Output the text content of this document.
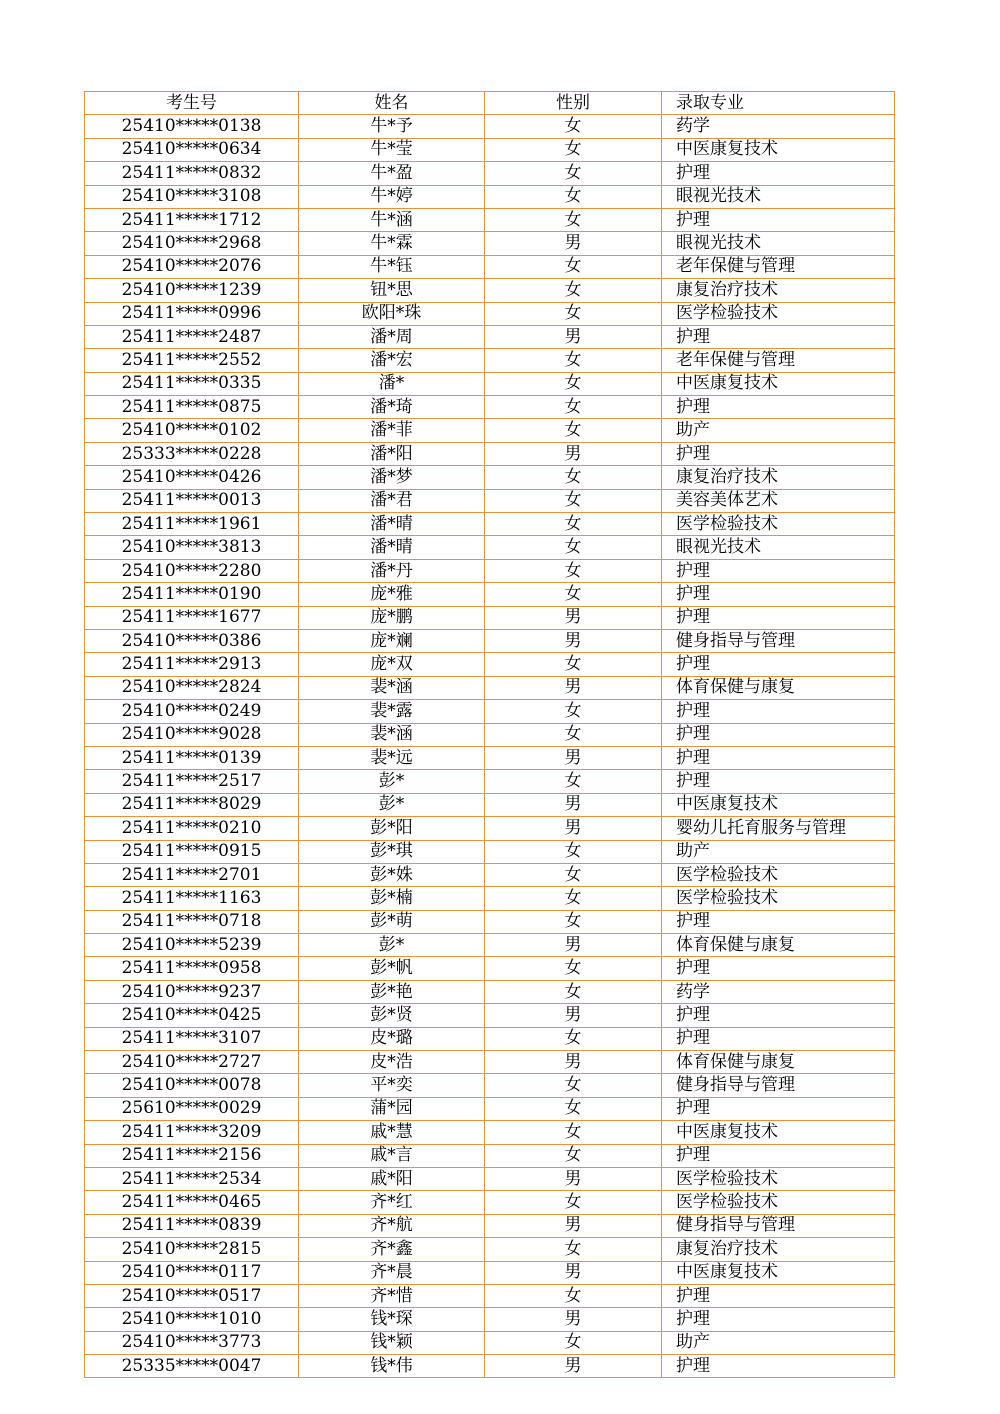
考生号	姓名	性别	录取专业
25410*****0138	牛*予	女	药学
25410*****0634	牛*莹	女	中医康复技术
25411*****0832	牛*盈	女	护理
25410*****3108	牛*婷	女	眼视光技术
25411*****1712	牛*涵	女	护理
25410*****2968	牛*霖	男	眼视光技术
25410*****2076	牛*钰	女	老年保健与管理
25410*****1239	钮*思	女	康复治疗技术
25411*****0996	欧阳*珠	女	医学检验技术
25411*****2487	潘*周	男	护理
25411*****2552	潘*宏	女	老年保健与管理
25411*****0335	潘*	女	中医康复技术
25411*****0875	潘*琦	女	护理
25410*****0102	潘*菲	女	助产
25333*****0228	潘*阳	男	护理
25410*****0426	潘*梦	女	康复治疗技术
25411*****0013	潘*君	女	美容美体艺术
25411*****1961	潘*晴	女	医学检验技术
25410*****3813	潘*晴	女	眼视光技术
25410*****2280	潘*丹	女	护理
25411*****0190	庞*雅	女	护理
25411*****1677	庞*鹏	男	护理
25410*****0386	庞*斓	男	健身指导与管理
25411*****2913	庞*双	女	护理
25410*****2824	裴*涵	男	体育保健与康复
25410*****0249	裴*露	女	护理
25410*****9028	裴*涵	女	护理
25411*****0139	裴*远	男	护理
25411*****2517	彭*	女	护理
25411*****8029	彭*	男	中医康复技术
25411*****0210	彭*阳	男	婴幼儿托育服务与管理
25411*****0915	彭*琪	女	助产
25411*****2701	彭*姝	女	医学检验技术
25411*****1163	彭*楠	女	医学检验技术
25411*****0718	彭*萌	女	护理
25410*****5239	彭*	男	体育保健与康复
25411*****0958	彭*帆	女	护理
25410*****9237	彭*艳	女	药学
25410*****0425	彭*贤	男	护理
25411*****3107	皮*璐	女	护理
25410*****2727	皮*浩	男	体育保健与康复
25410*****0078	平*奕	女	健身指导与管理
25610*****0029	蒲*园	女	护理
25411*****3209	戚*慧	女	中医康复技术
25411*****2156	戚*言	女	护理
25411*****2534	戚*阳	男	医学检验技术
25411*****0465	齐*红	女	医学检验技术
25411*****0839	齐*航	男	健身指导与管理
25410*****2815	齐*鑫	女	康复治疗技术
25410*****0117	齐*晨	男	中医康复技术
25410*****0517	齐*惜	女	护理
25410*****1010	钱*琛	男	护理
25410*****3773	钱*颖	女	助产
25335*****0047	钱*伟	男	护理
